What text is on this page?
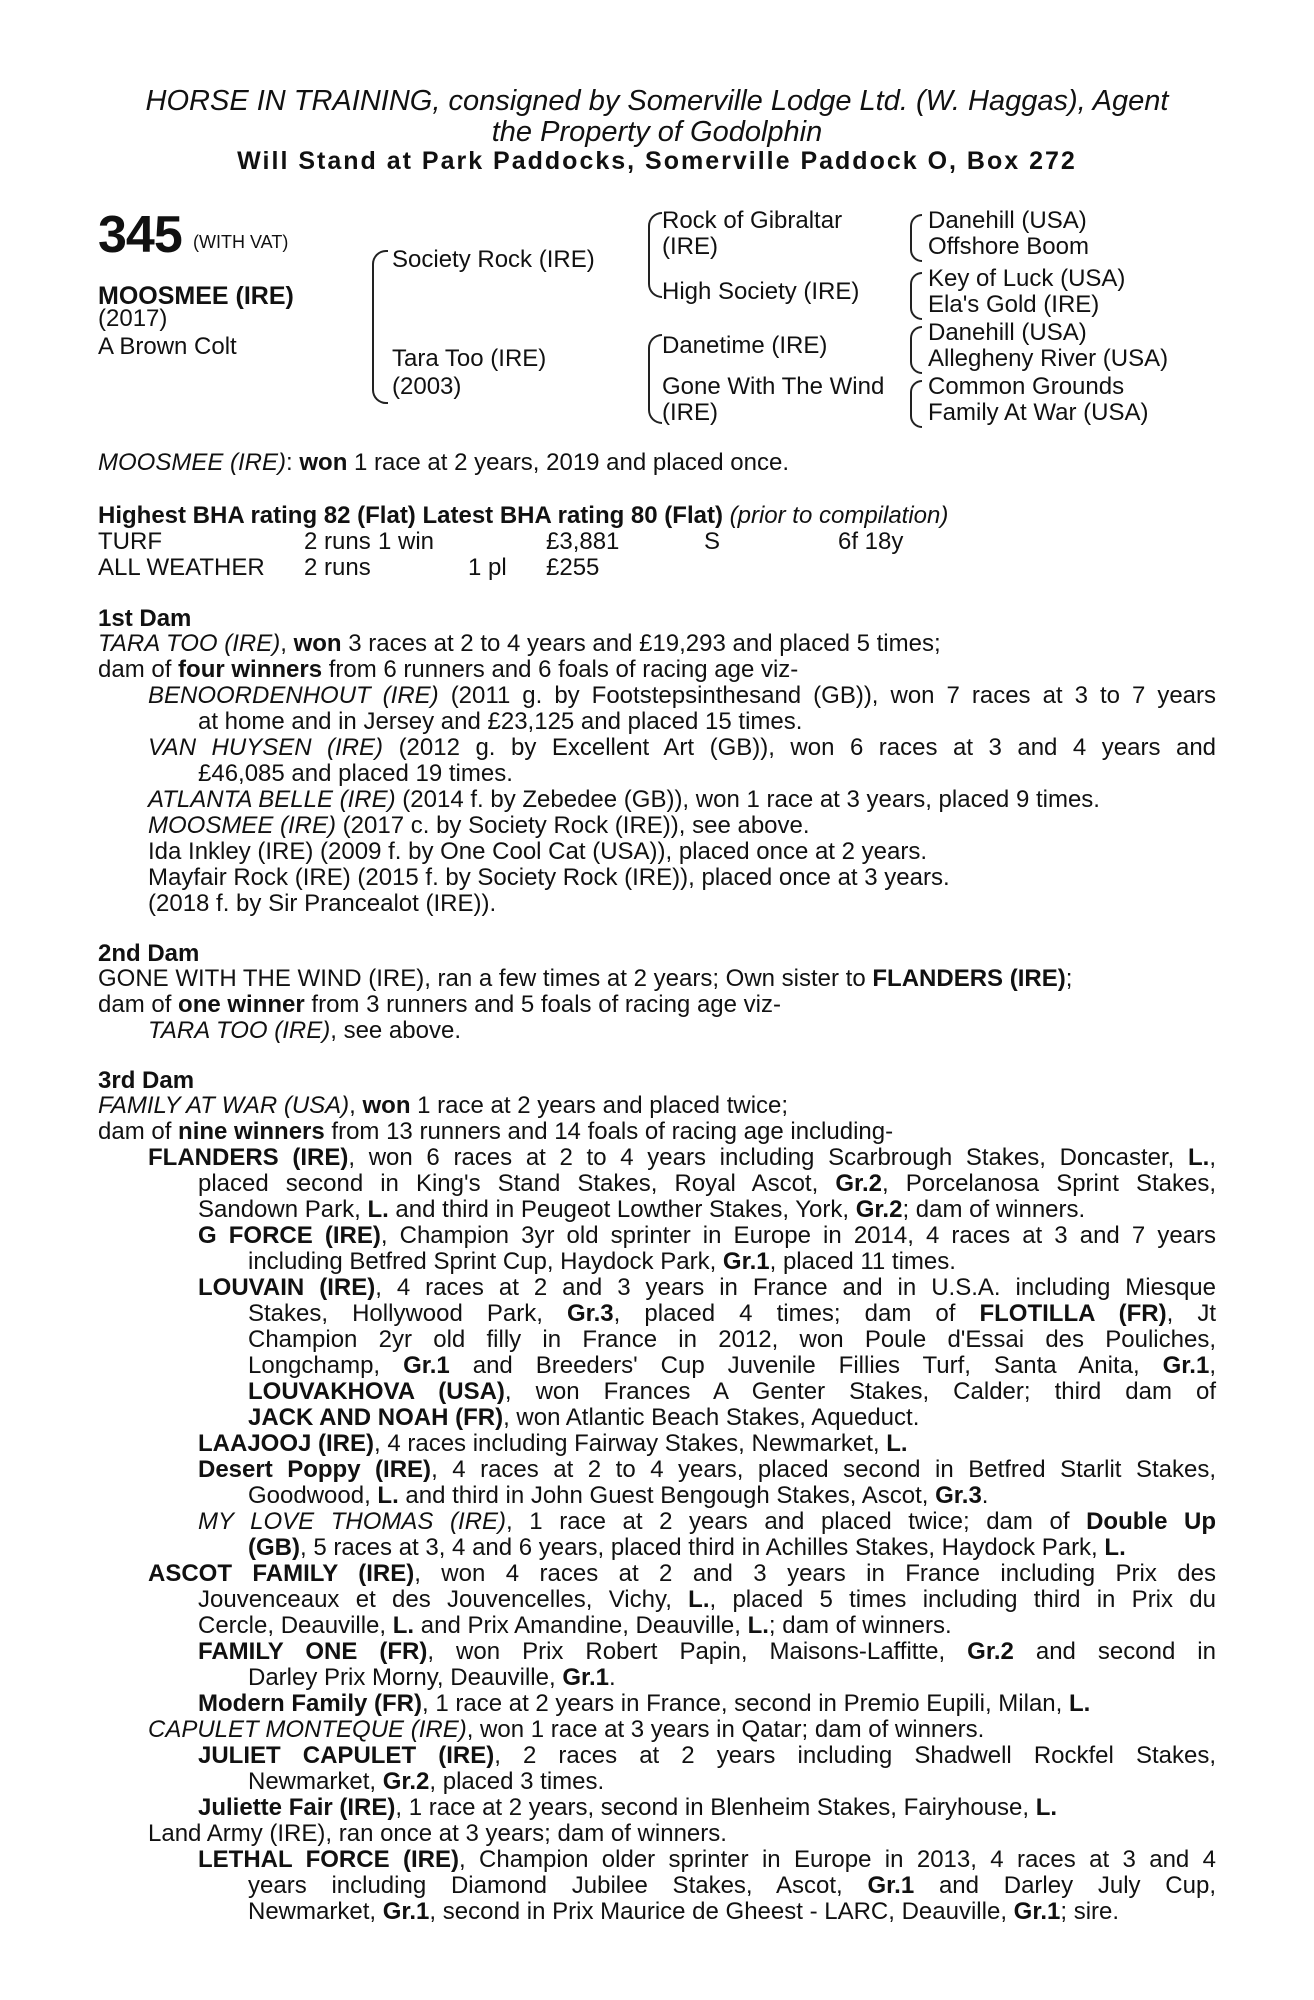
HORSE IN TRAINING, consigned by Somerville Lodge Ltd. (W. Haggas), Agent
the Property of Godolphin
Will Stand at Park Paddocks, Somerville Paddock O, Box 272
345 (WITH VAT)
MOOSMEE (IRE)
(2017)
A Brown Colt
Society Rock (IRE)
Tara Too (IRE)
(2003)
Rock of Gibraltar
(IRE)
High Society (IRE)
Danetime (IRE)
Gone With The Wind
(IRE)
Danehill (USA)
Offshore Boom
Key of Luck (USA)
Ela's Gold (IRE)
Danehill (USA)
Allegheny River (USA)
Common Grounds
Family At War (USA)
MOOSMEE (IRE): won 1 race at 2 years, 2019 and placed once.
Highest BHA rating 82 (Flat) Latest BHA rating 80 (Flat) (prior to compilation)
TURF	2 runs 1 win	£3,881	S	6f 18y
ALL WEATHER 2 runs	1 pl £255
1st Dam
TARA TOO (IRE), won 3 races at 2 to 4 years and £19,293 and placed 5 times;
dam of four winners from 6 runners and 6 foals of racing age viz-
BENOORDENHOUT (IRE) (2011 g. by Footstepsinthesand (GB)), won 7 races at 3 to 7 years
at home and in Jersey and £23,125 and placed 15 times.
VAN HUYSEN (IRE) (2012 g. by Excellent Art (GB)), won 6 races at 3 and 4 years and
£46,085 and placed 19 times.
ATLANTA BELLE (IRE) (2014 f. by Zebedee (GB)), won 1 race at 3 years, placed 9 times.
MOOSMEE (IRE) (2017 c. by Society Rock (IRE)), see above.
Ida Inkley (IRE) (2009 f. by One Cool Cat (USA)), placed once at 2 years.
Mayfair Rock (IRE) (2015 f. by Society Rock (IRE)), placed once at 3 years.
(2018 f. by Sir Prancealot (IRE)).
2nd Dam
GONE WITH THE WIND (IRE), ran a few times at 2 years; Own sister to FLANDERS (IRE);
dam of one winner from 3 runners and 5 foals of racing age viz-
TARA TOO (IRE), see above.
3rd Dam
FAMILY AT WAR (USA), won 1 race at 2 years and placed twice;
dam of nine winners from 13 runners and 14 foals of racing age including-
FLANDERS (IRE), won 6 races at 2 to 4 years including Scarbrough Stakes, Doncaster, L.,
placed second in King's Stand Stakes, Royal Ascot, Gr.2, Porcelanosa Sprint Stakes,
Sandown Park, L. and third in Peugeot Lowther Stakes, York, Gr.2; dam of winners.
G FORCE (IRE), Champion 3yr old sprinter in Europe in 2014, 4 races at 3 and 7 years
including Betfred Sprint Cup, Haydock Park, Gr.1, placed 11 times.
LOUVAIN (IRE), 4 races at 2 and 3 years in France and in U.S.A. including Miesque
Stakes, Hollywood Park, Gr.3, placed 4 times; dam of FLOTILLA (FR), Jt
Champion 2yr old filly in France in 2012, won Poule d'Essai des Pouliches,
Longchamp, Gr.1 and Breeders' Cup Juvenile Fillies Turf, Santa Anita, Gr.1,
LOUVAKHOVA (USA), won Frances A Genter Stakes, Calder; third dam of
JACK AND NOAH (FR), won Atlantic Beach Stakes, Aqueduct.
LAAJOOJ (IRE), 4 races including Fairway Stakes, Newmarket, L.
Desert Poppy (IRE), 4 races at 2 to 4 years, placed second in Betfred Starlit Stakes,
Goodwood, L. and third in John Guest Bengough Stakes, Ascot, Gr.3.
MY LOVE THOMAS (IRE), 1 race at 2 years and placed twice; dam of Double Up
(GB), 5 races at 3, 4 and 6 years, placed third in Achilles Stakes, Haydock Park, L.
ASCOT FAMILY (IRE), won 4 races at 2 and 3 years in France including Prix des
Jouvenceaux et des Jouvencelles, Vichy, L., placed 5 times including third in Prix du
Cercle, Deauville, L. and Prix Amandine, Deauville, L.; dam of winners.
FAMILY ONE (FR), won Prix Robert Papin, Maisons-Laffitte, Gr.2 and second in
Darley Prix Morny, Deauville, Gr.1.
Modern Family (FR), 1 race at 2 years in France, second in Premio Eupili, Milan, L.
CAPULET MONTEQUE (IRE), won 1 race at 3 years in Qatar; dam of winners.
JULIET CAPULET (IRE), 2 races at 2 years including Shadwell Rockfel Stakes,
Newmarket, Gr.2, placed 3 times.
Juliette Fair (IRE), 1 race at 2 years, second in Blenheim Stakes, Fairyhouse, L.
Land Army (IRE), ran once at 3 years; dam of winners.
LETHAL FORCE (IRE), Champion older sprinter in Europe in 2013, 4 races at 3 and 4
years including Diamond Jubilee Stakes, Ascot, Gr.1 and Darley July Cup,
Newmarket, Gr.1, second in Prix Maurice de Gheest - LARC, Deauville, Gr.1; sire.
